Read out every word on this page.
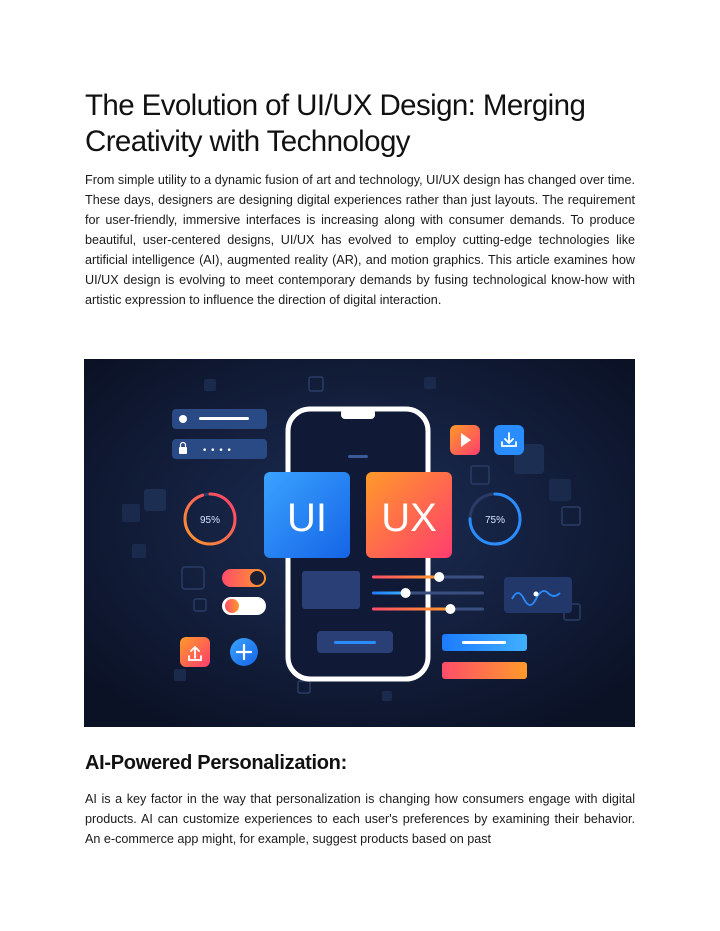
The Evolution of UI/UX Design: Merging Creativity with Technology

From simple utility to a dynamic fusion of art and technology, UI/UX design has changed over time. These days, designers are designing digital experiences rather than just layouts. The requirement for user-friendly, immersive interfaces is increasing along with consumer demands. To produce beautiful, user-centered designs, UI/UX has evolved to employ cutting-edge technologies like artificial intelligence (AI), augmented reality (AR), and motion graphics. This article examines how UI/UX design is evolving to meet contemporary demands by fusing technological know-how with artistic expression to influence the direction of digital interaction.

• • • •
95%	75%
UI UX
AI-Powered Personalization:

AI is a key factor in the way that personalization is changing how consumers engage with digital products. AI can customize experiences to each user's preferences by examining their behavior. An e-commerce app might, for example, suggest products based on past
